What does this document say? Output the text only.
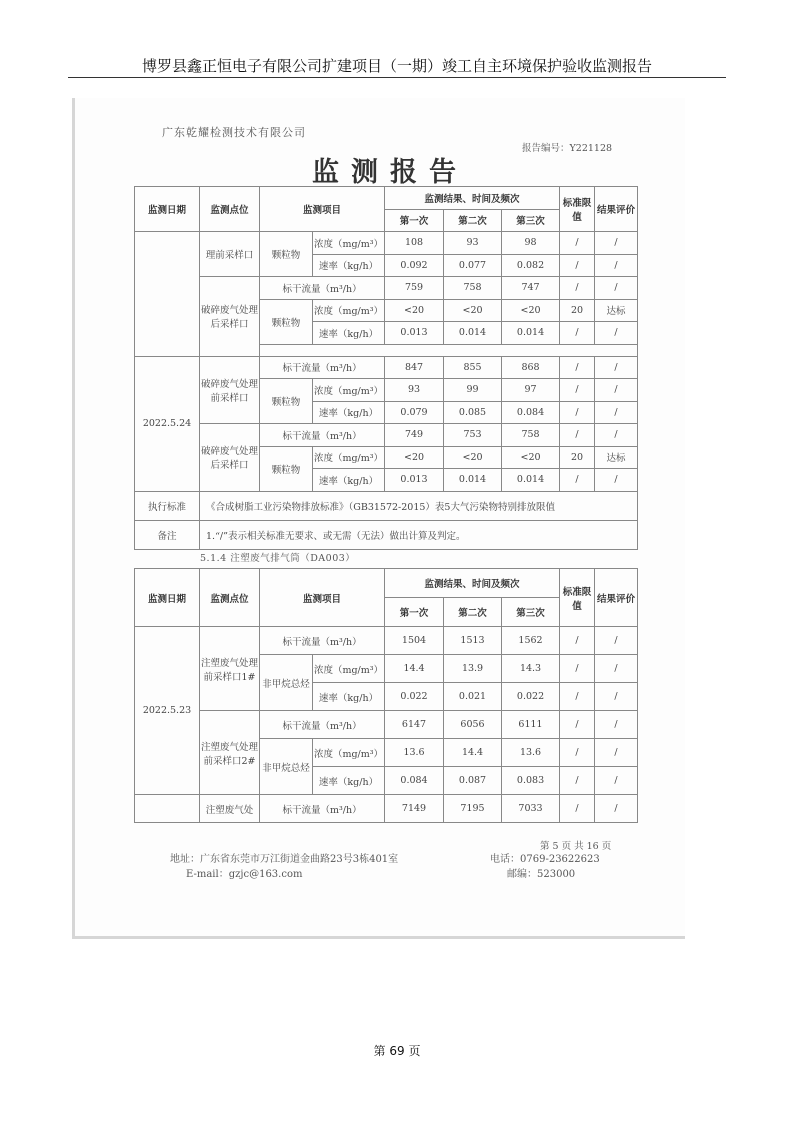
博罗县鑫正恒电子有限公司扩建项目（一期）竣工自主环境保护验收监测报告
广东乾耀检测技术有限公司
报告编号：Y221128
监测报告
监测日期	监测点位	监测项目		监测结果、时间及频次			标准限值	结果评价
				第一次	第二次	第三次		
	理前采样口	颗粒物	浓度（mg/m³）	108	93	98	/	/
			速率（kg/h）	0.092	0.077	0.082	/	/
	破碎废气处理后采样口	标干流量（m³/h）		759	758	747	/	/
		颗粒物	浓度（mg/m³）	<20	<20	<20	20	达标
			速率（kg/h）	0.013	0.014	0.014	/	/

2022.5.24	破碎废气处理前采样口	标干流量（m³/h）		847	855	868	/	/
		颗粒物	浓度（mg/m³）	93	99	97	/	/
			速率（kg/h）	0.079	0.085	0.084	/	/
	破碎废气处理后采样口	标干流量（m³/h）		749	753	758	/	/
		颗粒物	浓度（mg/m³）	<20	<20	<20	20	达标
			速率（kg/h）	0.013	0.014	0.014	/	/
执行标准	《合成树脂工业污染物排放标准》（GB31572-2015）表5大气污染物特别排放限值							
备注	1.“/”表示相关标准无要求、或无需（无法）做出计算及判定。							
5.1.4 注塑废气排气筒（DA003）
监测日期	监测点位	监测项目		监测结果、时间及频次			标准限值	结果评价
				第一次	第二次	第三次		
2022.5.23	注塑废气处理前采样口1#	标干流量（m³/h）		1504	1513	1562	/	/
		非甲烷总烃	浓度（mg/m³）	14.4	13.9	14.3	/	/
			速率（kg/h）	0.022	0.021	0.022	/	/
	注塑废气处理前采样口2#	标干流量（m³/h）		6147	6056	6111	/	/
		非甲烷总烃	浓度（mg/m³）	13.6	14.4	13.6	/	/
			速率（kg/h）	0.084	0.087	0.083	/	/
	注塑废气处	标干流量（m³/h）		7149	7195	7033	/	/
第 5 页 共 16 页
地址：广东省东莞市万江街道金曲路23号3栋401室
E-mail：gzjc@163.com
电话：0769-23622623
邮编：523000
第 69 页
